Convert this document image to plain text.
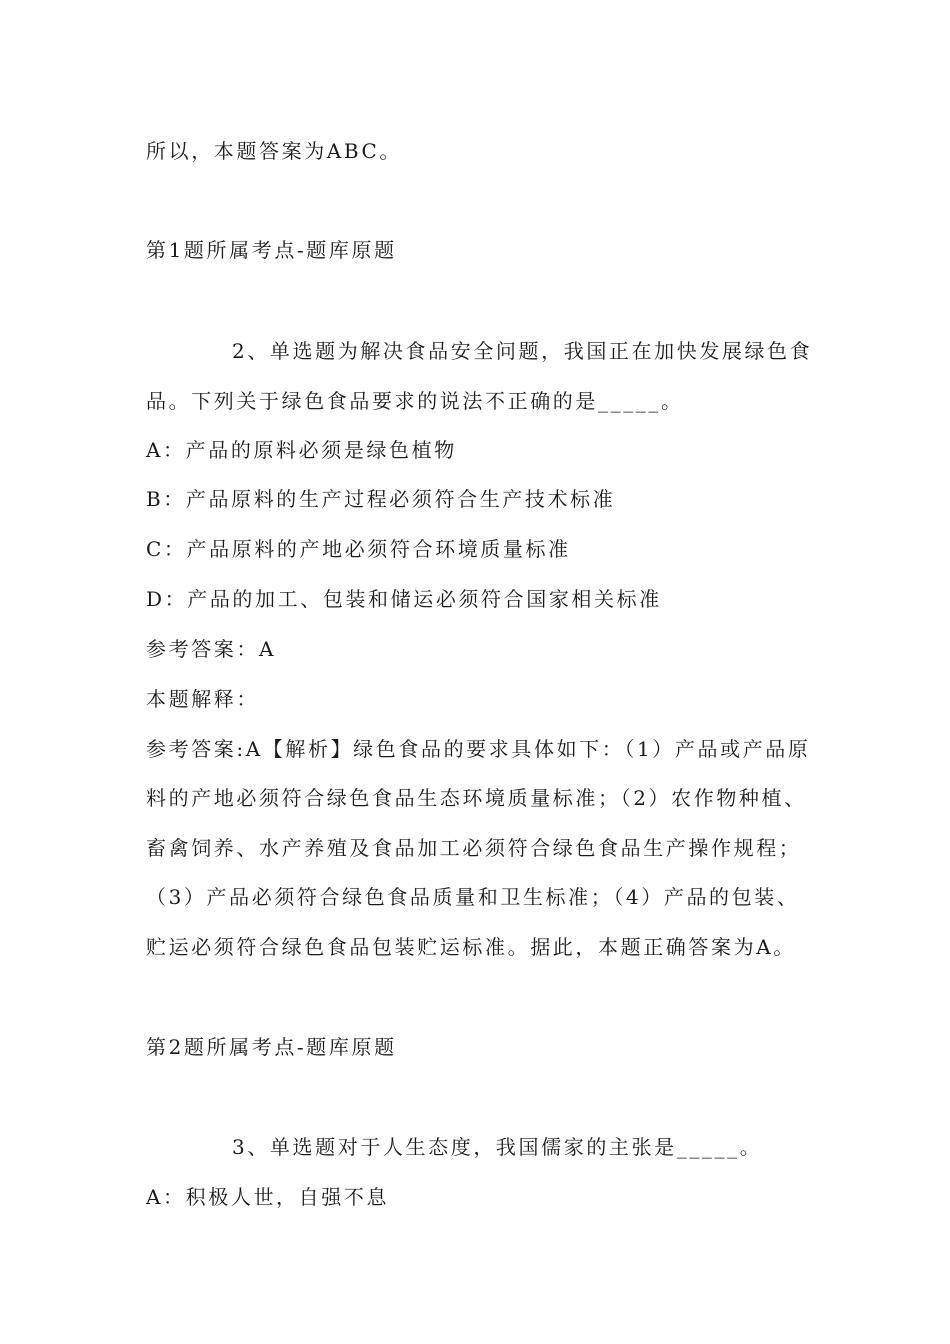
所以，本题答案为ABC。
第1题所属考点-题库原题
2、单选题为解决食品安全问题，我国正在加快发展绿色食
品。下列关于绿色食品要求的说法不正确的是_____。
A：产品的原料必须是绿色植物
B：产品原料的生产过程必须符合生产技术标准
C：产品原料的产地必须符合环境质量标准
D：产品的加工、包装和储运必须符合国家相关标准
参考答案：A
本题解释：
参考答案:A【解析】绿色食品的要求具体如下：（1）产品或产品原
料的产地必须符合绿色食品生态环境质量标准；（2）农作物种植、
畜禽饲养、水产养殖及食品加工必须符合绿色食品生产操作规程；
（3）产品必须符合绿色食品质量和卫生标准；（4）产品的包装、
贮运必须符合绿色食品包装贮运标准。据此，本题正确答案为A。
第2题所属考点-题库原题
3、单选题对于人生态度，我国儒家的主张是_____。
A：积极人世，自强不息
